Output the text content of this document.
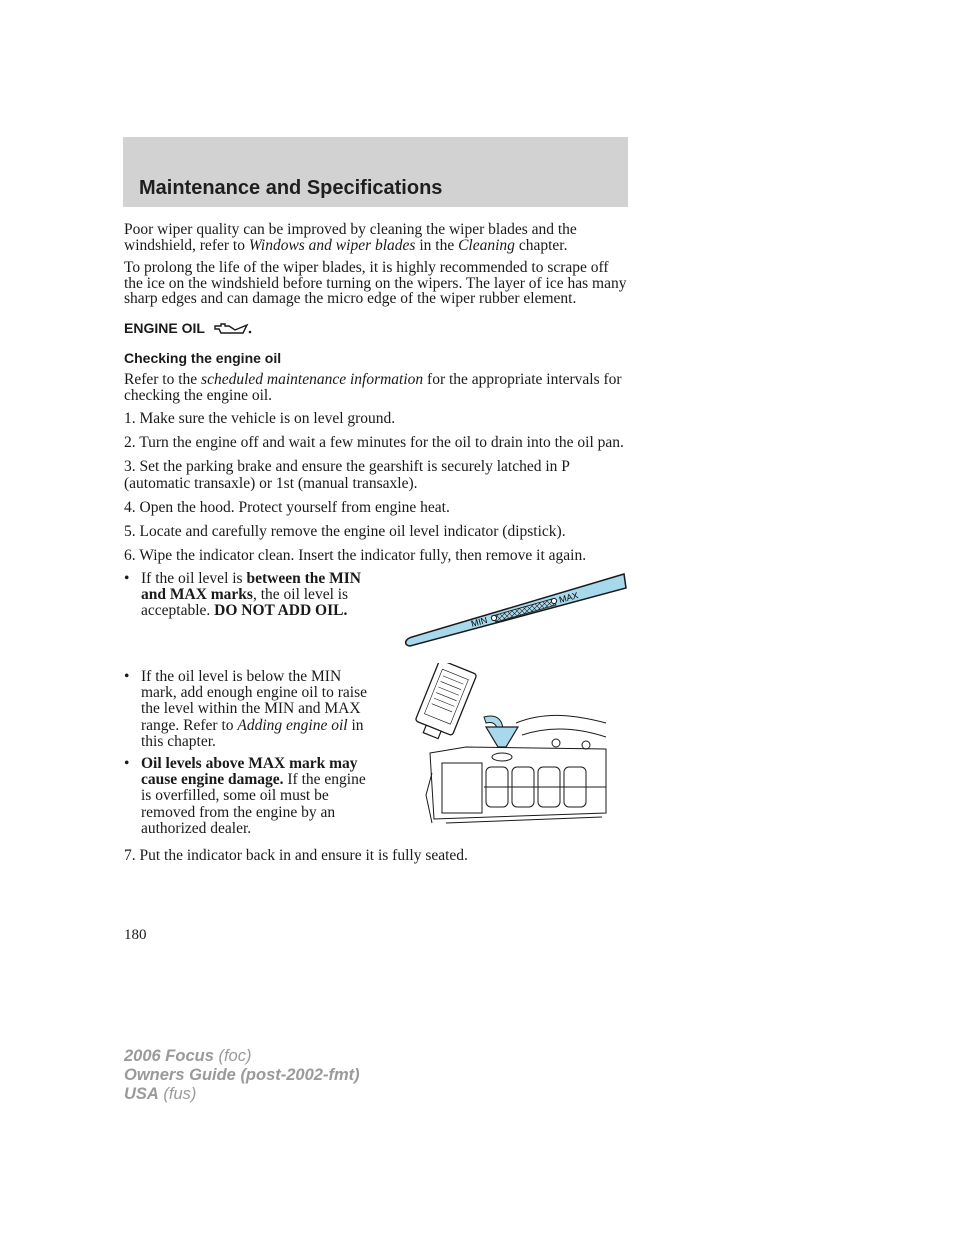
Maintenance and Specifications

Poor wiper quality can be improved by cleaning the wiper blades and the windshield, refer to Windows and wiper blades in the Cleaning chapter.

To prolong the life of the wiper blades, it is highly recommended to scrape off the ice on the windshield before turning on the wipers. The layer of ice has many sharp edges and can damage the micro edge of the wiper rubber element.

ENGINE OIL
Checking the engine oil

Refer to the scheduled maintenance information for the appropriate intervals for checking the engine oil.

1. Make sure the vehicle is on level ground.

2. Turn the engine off and wait a few minutes for the oil to drain into the oil pan.

3. Set the parking brake and ensure the gearshift is securely latched in P (automatic transaxle) or 1st (manual transaxle).

4. Open the hood. Protect yourself from engine heat.

5. Locate and carefully remove the engine oil level indicator (dipstick).

6. Wipe the indicator clean. Insert the indicator fully, then remove it again.

• If the oil level is between the MIN and MAX marks, the oil level is acceptable. DO NOT ADD OIL.
MIN
MAX
• If the oil level is below the MIN mark, add enough engine oil to raise the level within the MIN and MAX range. Refer to Adding engine oil in this chapter.
• Oil levels above MAX mark may cause engine damage. If the engine is overfilled, some oil must be removed from the engine by an authorized dealer.

7. Put the indicator back in and ensure it is fully seated.

180
2006 Focus (foc)
Owners Guide (post-2002-fmt)
USA (fus)
